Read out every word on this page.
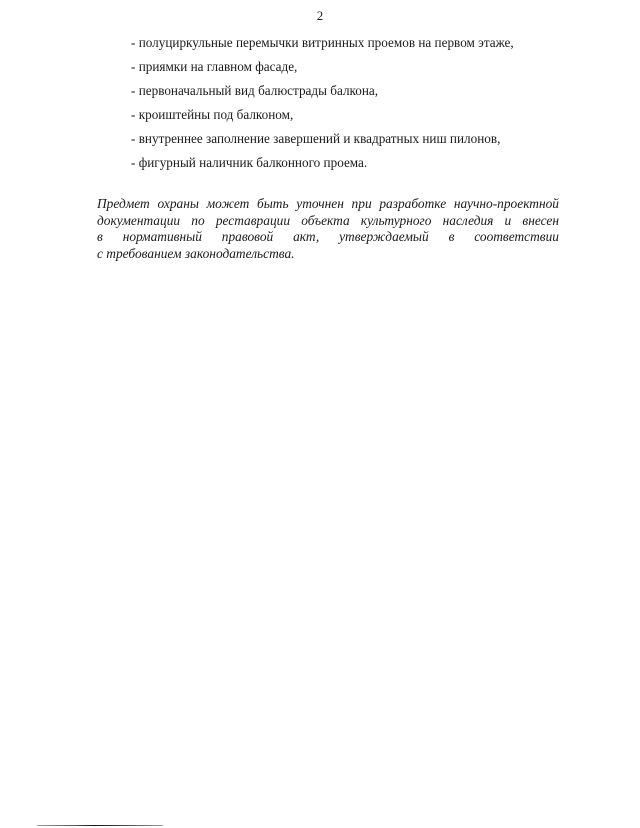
2
- полуциркульные перемычки витринных проемов на первом этаже,
- приямки на главном фасаде,
- первоначальный вид балюстрады балкона,
- кроиштейны под балконом,
- внутреннее заполнение завершений и квадратных ниш пилонов,
- фигурный наличник балконного проема.

Предмет охраны может быть уточнен при разработке научно-проектной
документации по реставрации объекта культурного наследия и внесен
в нормативный правовой акт, утверждаемый в соответствии
с требованием законодательства.
